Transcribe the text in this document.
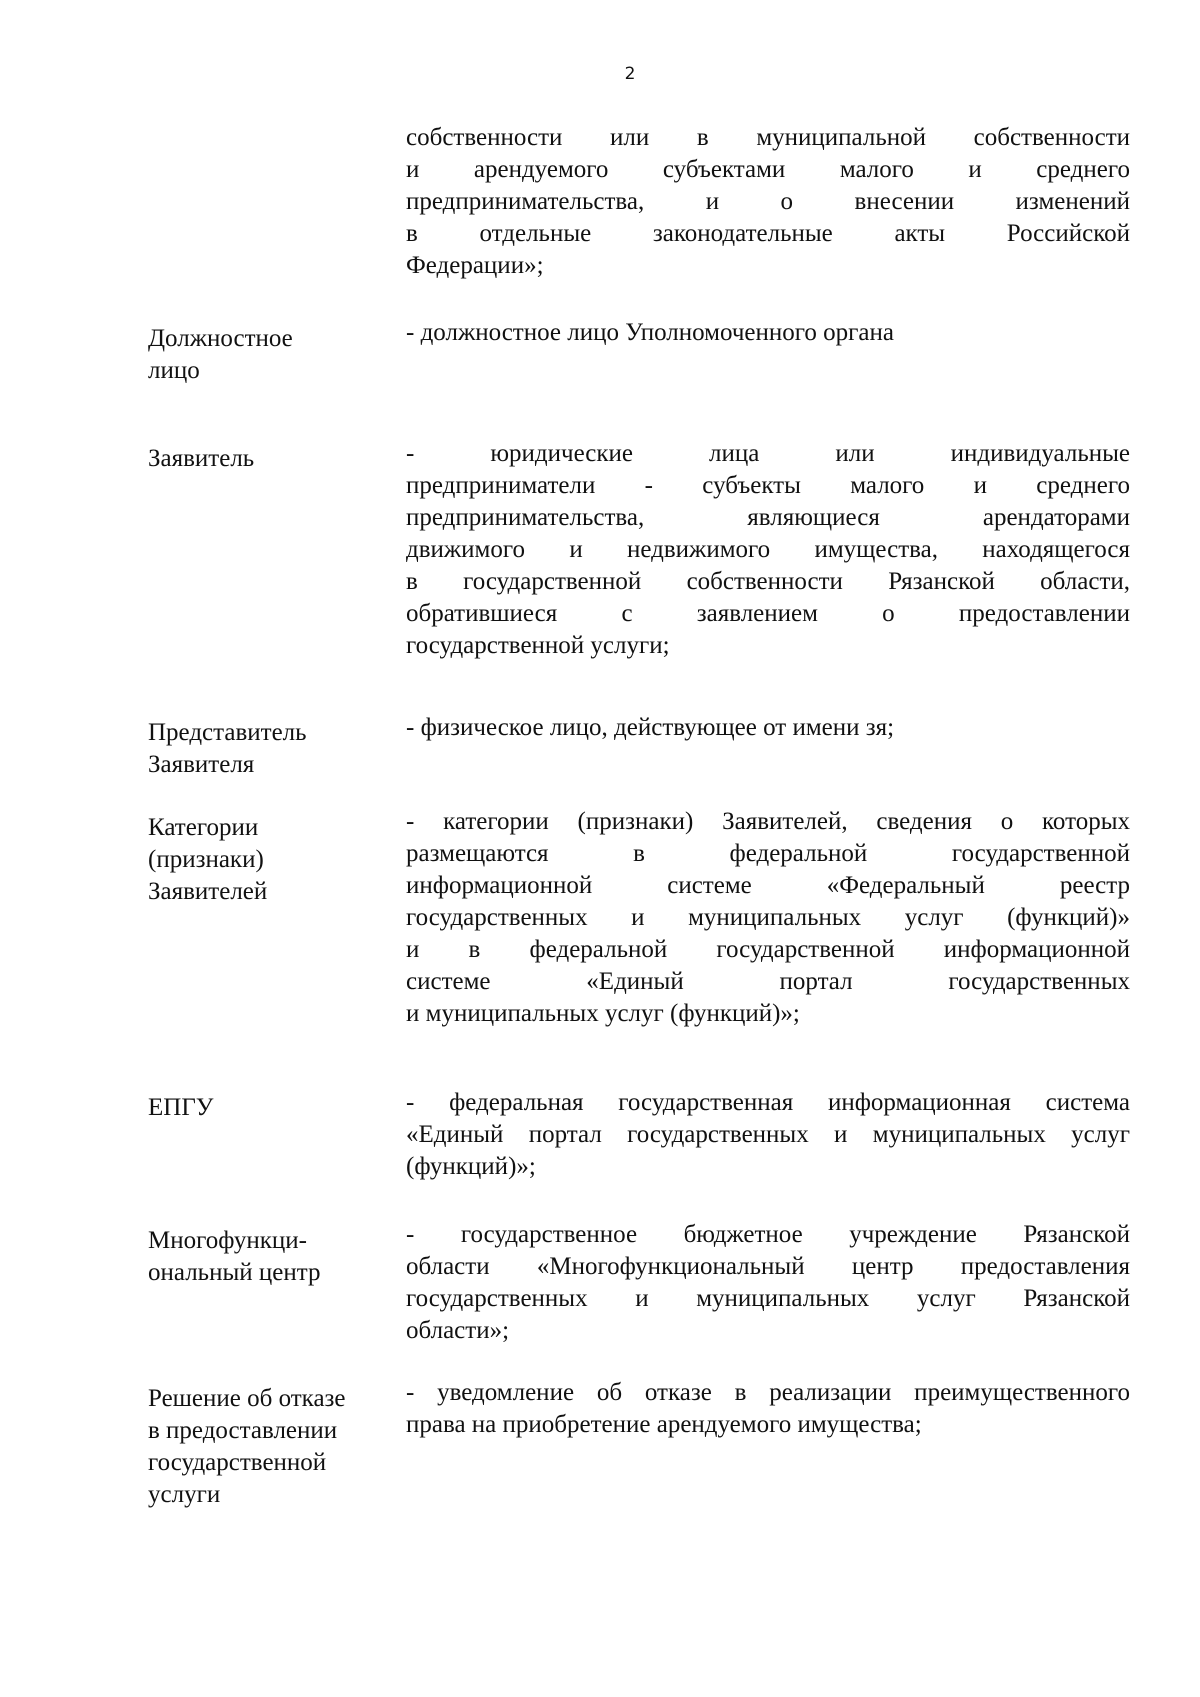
2
собственности или в муниципальной собственности
и арендуемого субъектами малого и среднего
предпринимательства, и о внесении изменений
в отдельные законодательные акты Российской
Федерации»;
Должностное
лицо
- должностное лицо Уполномоченного органа
Заявитель	- юридические лица или индивидуальные
предприниматели - субъекты малого и среднего
предпринимательства, являющиеся арендаторами
движимого и недвижимого имущества, находящегося
в государственной собственности Рязанской области,
обратившиеся с заявлением о предоставлении
государственной услуги;
Представитель
Заявителя
- физическое лицо, действующее от имени зя;
Категории
(признаки)
Заявителей
- категории (признаки) Заявителей, сведения о которых
размещаются в федеральной государственной
информационной системе «Федеральный реестр
государственных и муниципальных услуг (функций)»
и в федеральной государственной информационной
системе «Единый портал государственных
и муниципальных услуг (функций)»;
ЕПГУ	- федеральная государственная информационная система
«Единый портал государственных и муниципальных услуг
(функций)»;
Многофункци-
ональный центр
- государственное бюджетное учреждение Рязанской
области «Многофункциональный центр предоставления
государственных и муниципальных услуг Рязанской
области»;
Решение об отказе
в предоставлении
государственной
услуги
- уведомление об отказе в реализации преимущественного
права на приобретение арендуемого имущества;
